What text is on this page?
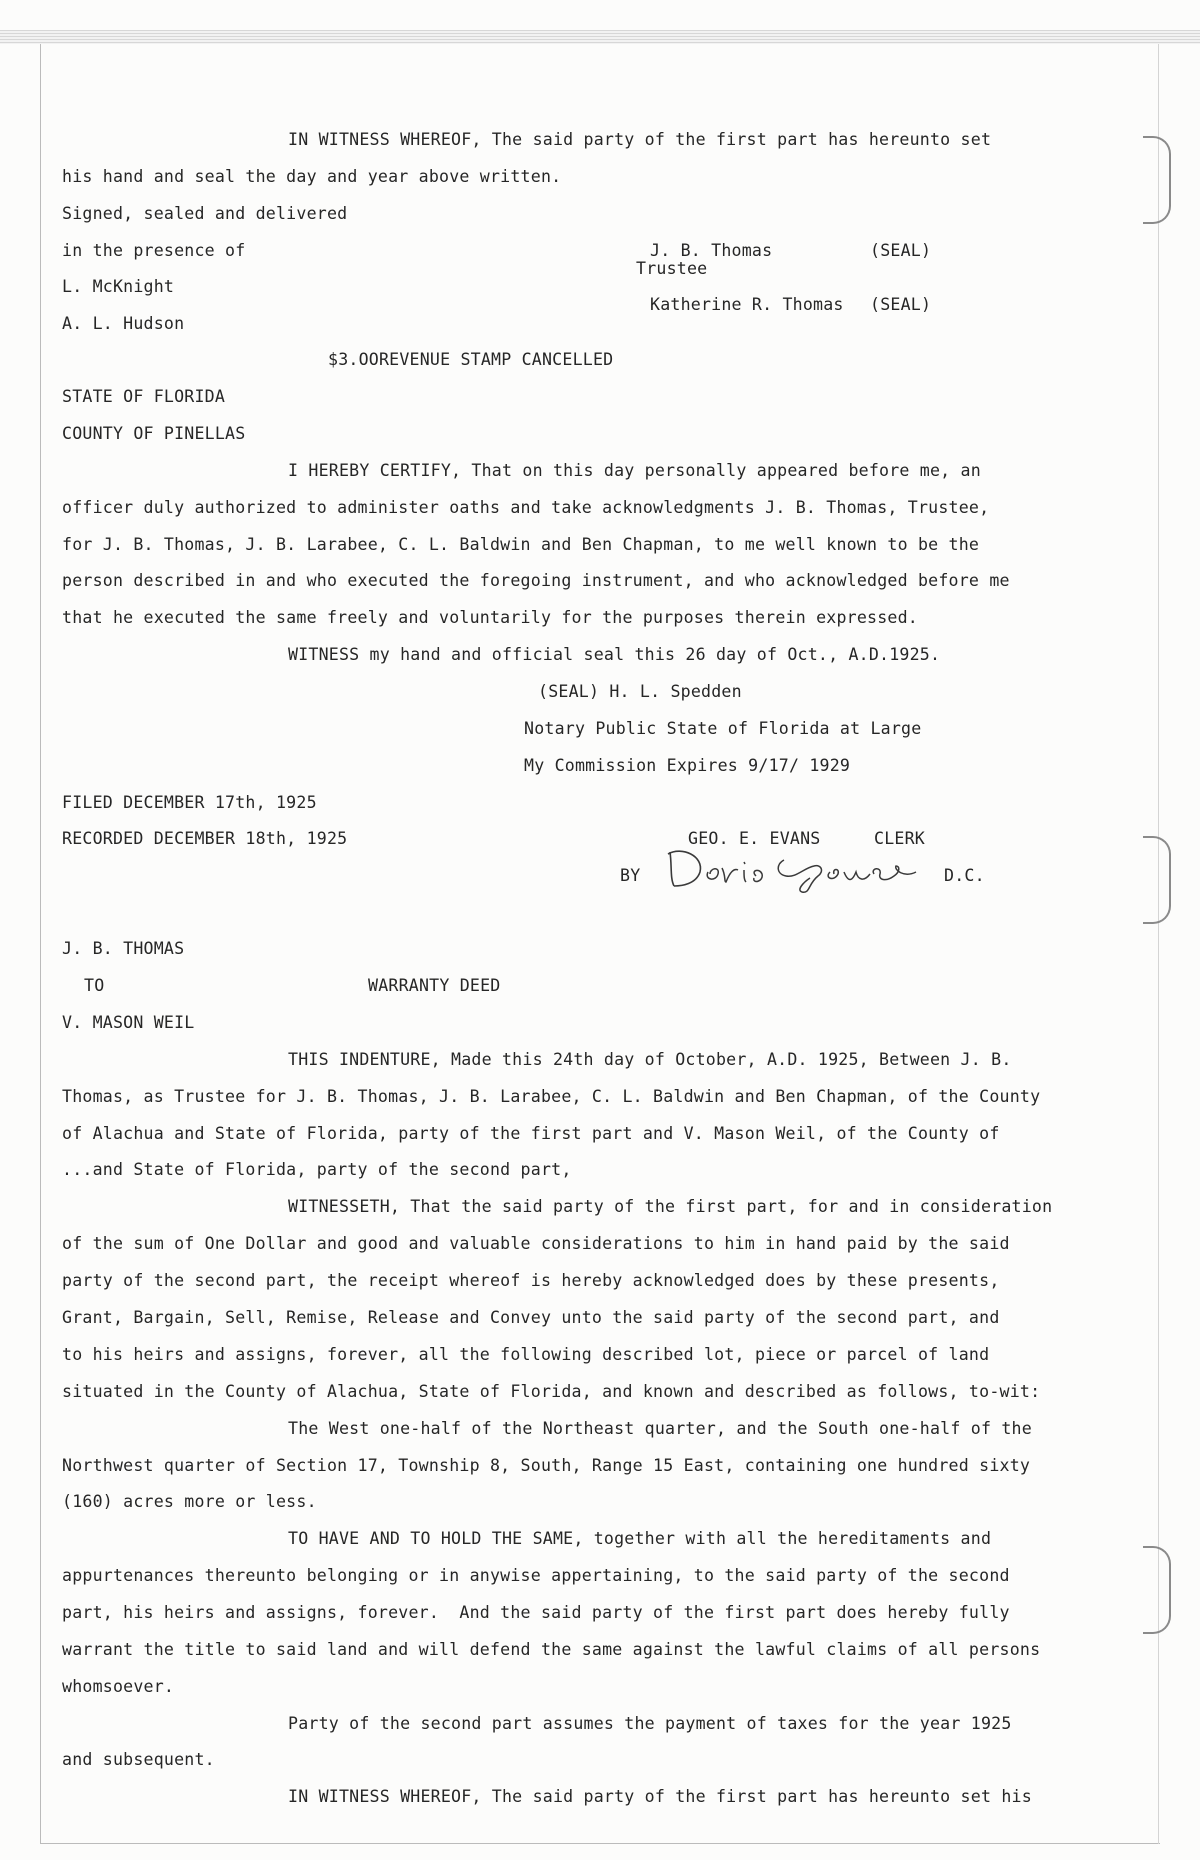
IN WITNESS WHEREOF, The said party of the first part has hereunto set
his hand and seal the day and year above written.
Signed, sealed and delivered
in the presence of
L. McKnight
A. L. Hudson
J. B. Thomas	(SEAL)
Trustee
Katherine R. Thomas (SEAL)
$3.OOREVENUE STAMP CANCELLED
STATE OF FLORIDA
COUNTY OF PINELLAS
I HEREBY CERTIFY, That on this day personally appeared before me, an
officer duly authorized to administer oaths and take acknowledgments J. B. Thomas, Trustee,
for J. B. Thomas, J. B. Larabee, C. L. Baldwin and Ben Chapman, to me well known to be the
person described in and who executed the foregoing instrument, and who acknowledged before me
that he executed the same freely and voluntarily for the purposes therein expressed.
WITNESS my hand and official seal this 26 day of Oct., A.D.1925.
(SEAL) H. L. Spedden
Notary Public State of Florida at Large
My Commission Expires 9/17/ 1929
FILED DECEMBER 17th, 1925
RECORDED DECEMBER 18th, 1925	GEO. E. EVANS	CLERK
BY	D.C.
J. B. THOMAS
TO	WARRANTY DEED
V. MASON WEIL
THIS INDENTURE, Made this 24th day of October, A.D. 1925, Between J. B.
Thomas, as Trustee for J. B. Thomas, J. B. Larabee, C. L. Baldwin and Ben Chapman, of the County
of Alachua and State of Florida, party of the first part and V. Mason Weil, of the County of
...and State of Florida, party of the second part,
WITNESSETH, That the said party of the first part, for and in consideration
of the sum of One Dollar and good and valuable considerations to him in hand paid by the said
party of the second part, the receipt whereof is hereby acknowledged does by these presents,
Grant, Bargain, Sell, Remise, Release and Convey unto the said party of the second part, and
to his heirs and assigns, forever, all the following described lot, piece or parcel of land
situated in the County of Alachua, State of Florida, and known and described as follows, to-wit:
The West one-half of the Northeast quarter, and the South one-half of the
Northwest quarter of Section 17, Township 8, South, Range 15 East, containing one hundred sixty
(160) acres more or less.
TO HAVE AND TO HOLD THE SAME, together with all the hereditaments and
appurtenances thereunto belonging or in anywise appertaining, to the said party of the second
part, his heirs and assigns, forever.  And the said party of the first part does hereby fully
warrant the title to said land and will defend the same against the lawful claims of all persons
whomsoever.
Party of the second part assumes the payment of taxes for the year 1925
and subsequent.
IN WITNESS WHEREOF, The said party of the first part has hereunto set his
